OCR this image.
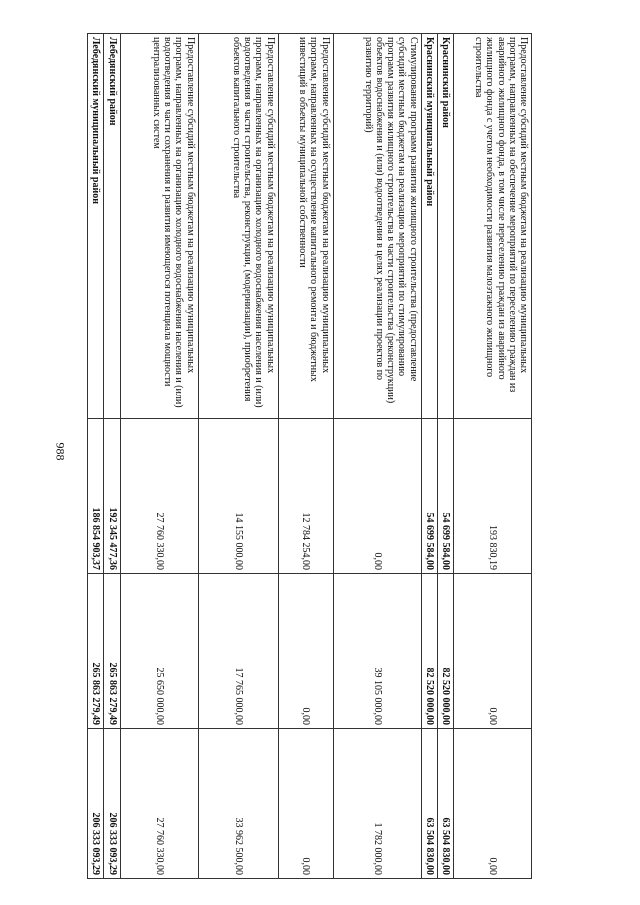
988
Предоставление субсидий местным бюджетам на реализацию муниципальных программ, направленных на обеспечение мероприятий по переселению граждан из аварийного жилищного фонда, в том числе переселению граждан из аварийного жилищного фонда с учетом необходимости развития малоэтажного жилищного строительства	193 830,19	0,00	0,00
Краснинский район	54 699 584,00	82 520 000,00	63 504 830,00
Краснинский муниципальный район	54 699 584,00	82 520 000,00	63 504 830,00
Стимулирование программ развития жилищного строительства (предоставление субсидий местным бюджетам на реализацию мероприятий по стимулированию программ развития жилищного строительства в части строительства (реконструкции) объектов водоснабжения и (или) водоотведения в целях реализации проектов по развитию территорий)	0,00	39 105 000,00	1 782 000,00
Предоставление субсидий местным бюджетам на реализацию муниципальных программ, направленных на осуществление капитального ремонта и бюджетных инвестиций в объекты муниципальной собственности	12 784 254,00	0,00	0,00
Предоставление субсидий местным бюджетам на реализацию муниципальных программ, направленных на организацию холодного водоснабжения населения и (или) водоотведения в части строительства, реконструкции, (модернизации), приобретения объектов капитального строительства	14 155 000,00	17 765 000,00	33 962 500,00
Предоставление субсидий местным бюджетам на реализацию муниципальных программ, направленных на организацию холодного водоснабжения населения и (или) водоотведения в части сохранения и развития имеющегося потенциала мощности централизованных систем	27 760 330,00	25 650 000,00	27 760 330,00
Лебедянский район	192 345 477,36	265 863 279,49	206 333 093,29
Лебедянский муниципальный район	186 854 903,37	265 863 279,49	206 333 093,29
